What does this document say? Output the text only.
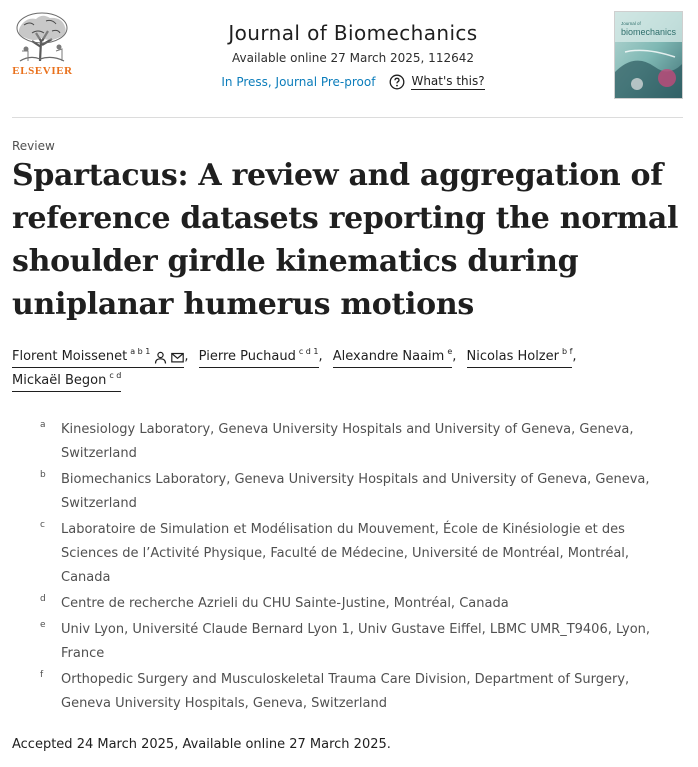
ELSEVIER
Journal of Biomechanics
Available online 27 March 2025, 112642
In Press, Journal Pre-proof	What's this?
biomechanics
Journal of
Review
Spartacus: A review and aggregation of reference datasets reporting the normal shoulder girdle kinematics during uniplanar humerus motions
Florent Moissenet $^{a b 1}$	, Pierre Puchaud $^{c d 1}$ , Alexandre Naaim $^e$ , Nicolas Holzer $^{b f}$ ,
Mickaël Begon $^{c d}$
a	Kinesiology Laboratory, Geneva University Hospitals and University of Geneva, Geneva, Switzerland
b	Biomechanics Laboratory, Geneva University Hospitals and University of Geneva, Geneva, Switzerland
c	Laboratoire de Simulation et Modélisation du Mouvement, École de Kinésiologie et des Sciences de l’Activité Physique, Faculté de Médecine, Université de Montréal, Montréal, Canada
d	Centre de recherche Azrieli du CHU Sainte-Justine, Montréal, Canada
e	Univ Lyon, Université Claude Bernard Lyon 1, Univ Gustave Eiffel, LBMC UMR_T9406, Lyon, France
f	Orthopedic Surgery and Musculoskeletal Trauma Care Division, Department of Surgery, Geneva University Hospitals, Geneva, Switzerland
Accepted 24 March 2025, Available online 27 March 2025.
